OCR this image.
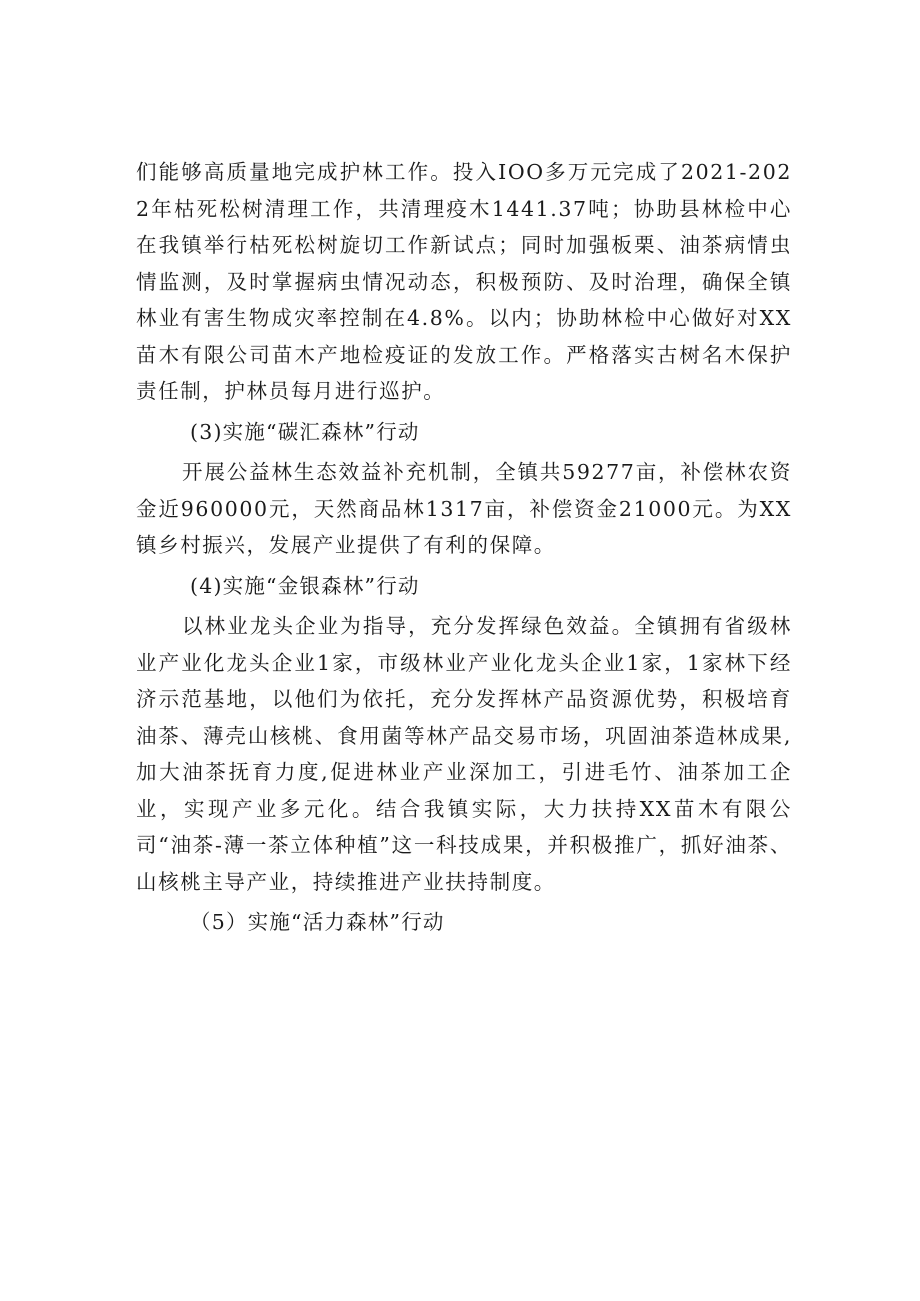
们能够高质量地完成护林工作。投入IOO多万元完成了2021-2022年枯死松树清理工作，共清理疫木1441.37吨；协助县林检中心在我镇举行枯死松树旋切工作新试点；同时加强板栗、油茶病情虫情监测，及时掌握病虫情况动态，积极预防、及时治理，确保全镇林业有害生物成灾率控制在4.8%。以内；协助林检中心做好对XX苗木有限公司苗木产地检疫证的发放工作。严格落实古树名木保护责任制，护林员每月进行巡护。

(3)实施“碳汇森林”行动

开展公益林生态效益补充机制，全镇共59277亩，补偿林农资金近960000元，天然商品林1317亩，补偿资金21000元。为XX镇乡村振兴，发展产业提供了有利的保障。

(4)实施“金银森林”行动

以林业龙头企业为指导，充分发挥绿色效益。全镇拥有省级林业产业化龙头企业1家，市级林业产业化龙头企业1家，1家林下经济示范基地，以他们为依托，充分发挥林产品资源优势，积极培育油茶、薄壳山核桃、食用菌等林产品交易市场，巩固油茶造林成果,加大油茶抚育力度,促进林业产业深加工，引进毛竹、油茶加工企业，实现产业多元化。结合我镇实际，大力扶持XX苗木有限公司“油茶-薄一茶立体种植”这一科技成果，并积极推广，抓好油茶、山核桃主导产业，持续推进产业扶持制度。

（5）实施“活力森林”行动
